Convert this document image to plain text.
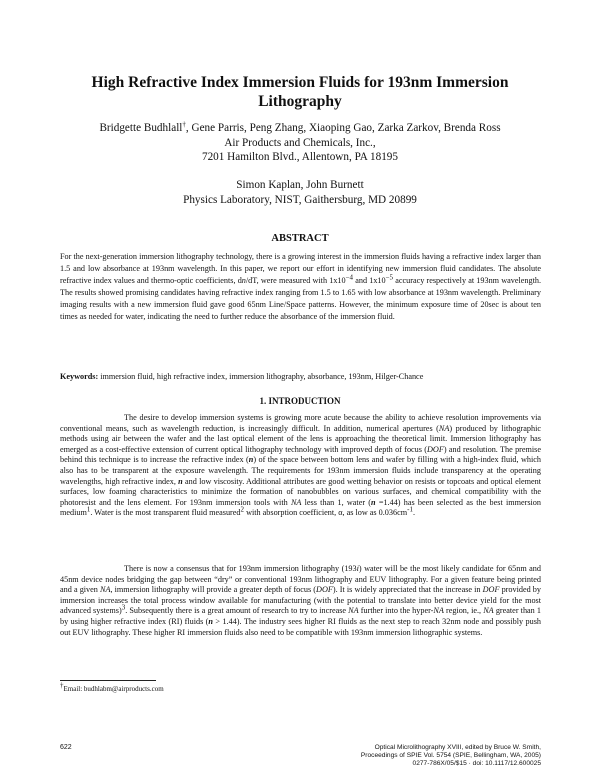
High Refractive Index Immersion Fluids for 193nm Immersion Lithography
Bridgette Budhlall†, Gene Parris, Peng Zhang, Xiaoping Gao, Zarka Zarkov, Brenda Ross
Air Products and Chemicals, Inc.,
7201 Hamilton Blvd., Allentown, PA 18195
Simon Kaplan, John Burnett
Physics Laboratory, NIST, Gaithersburg, MD 20899
ABSTRACT

For the next-generation immersion lithography technology, there is a growing interest in the immersion fluids having a refractive index larger than 1.5 and low absorbance at 193nm wavelength. In this paper, we report our effort in identifying new immersion fluid candidates. The absolute refractive index values and thermo-optic coefficients, dn/dT, were measured with $1x10^{-4}$ and $1x10^{-5}$ accuracy respectively at 193nm wavelength. The results showed promising candidates having refractive index ranging from 1.5 to 1.65 with low absorbance at 193nm wavelength. Preliminary imaging results with a new immersion fluid gave good 65nm Line/Space patterns. However, the minimum exposure time of 20sec is about ten times as needed for water, indicating the need to further reduce the absorbance of the immersion fluid.

Keywords: immersion fluid, high refractive index, immersion lithography, absorbance, 193nm, Hilger-Chance

1. INTRODUCTION

The desire to develop immersion systems is growing more acute because the ability to achieve resolution improvements via conventional means, such as wavelength reduction, is increasingly difficult. In addition, numerical apertures (NA) produced by lithographic methods using air between the wafer and the last optical element of the lens is approaching the theoretical limit. Immersion lithography has emerged as a cost-effective extension of current optical lithography technology with improved depth of focus (DOF) and resolution. The premise behind this technique is to increase the refractive index (n) of the space between bottom lens and wafer by filling with a high-index fluid, which also has to be transparent at the exposure wavelength. The requirements for 193nm immersion fluids include transparency at the operating wavelengths, high refractive index, n and low viscosity. Additional attributes are good wetting behavior on resists or topcoats and optical element surfaces, low foaming characteristics to minimize the formation of nanobubbles on various surfaces, and chemical compatibility with the photoresist and the lens element. For 193nm immersion tools with NA less than 1, water (n =1.44) has been selected as the best immersion medium$^1$. Water is the most transparent fluid measured$^2$ with absorption coefficient, α, as low as $0.036cm^{-1}$.

There is now a consensus that for 193nm immersion lithography (193i) water will be the most likely candidate for 65nm and 45nm device nodes bridging the gap between “dry” or conventional 193nm lithography and EUV lithography. For a given feature being printed and a given NA, immersion lithography will provide a greater depth of focus (DOF). It is widely appreciated that the increase in DOF provided by immersion increases the total process window available for manufacturing (with the potential to translate into better device yield for the most advanced systems)$^3$. Subsequently there is a great amount of research to try to increase NA further into the hyper-NA region, ie., NA greater than 1 by using higher refractive index (RI) fluids (n > 1.44). The industry sees higher RI fluids as the next step to reach 32nm node and possibly push out EUV lithography. These higher RI immersion fluids also need to be compatible with 193nm immersion lithographic systems.

†Email: budhlabm@airproducts.com
622	Optical Microlithography XVIII, edited by Bruce W. Smith,
Proceedings of SPIE Vol. 5754 (SPIE, Bellingham, WA, 2005)
0277-786X/05/$15 · doi: 10.1117/12.600025
